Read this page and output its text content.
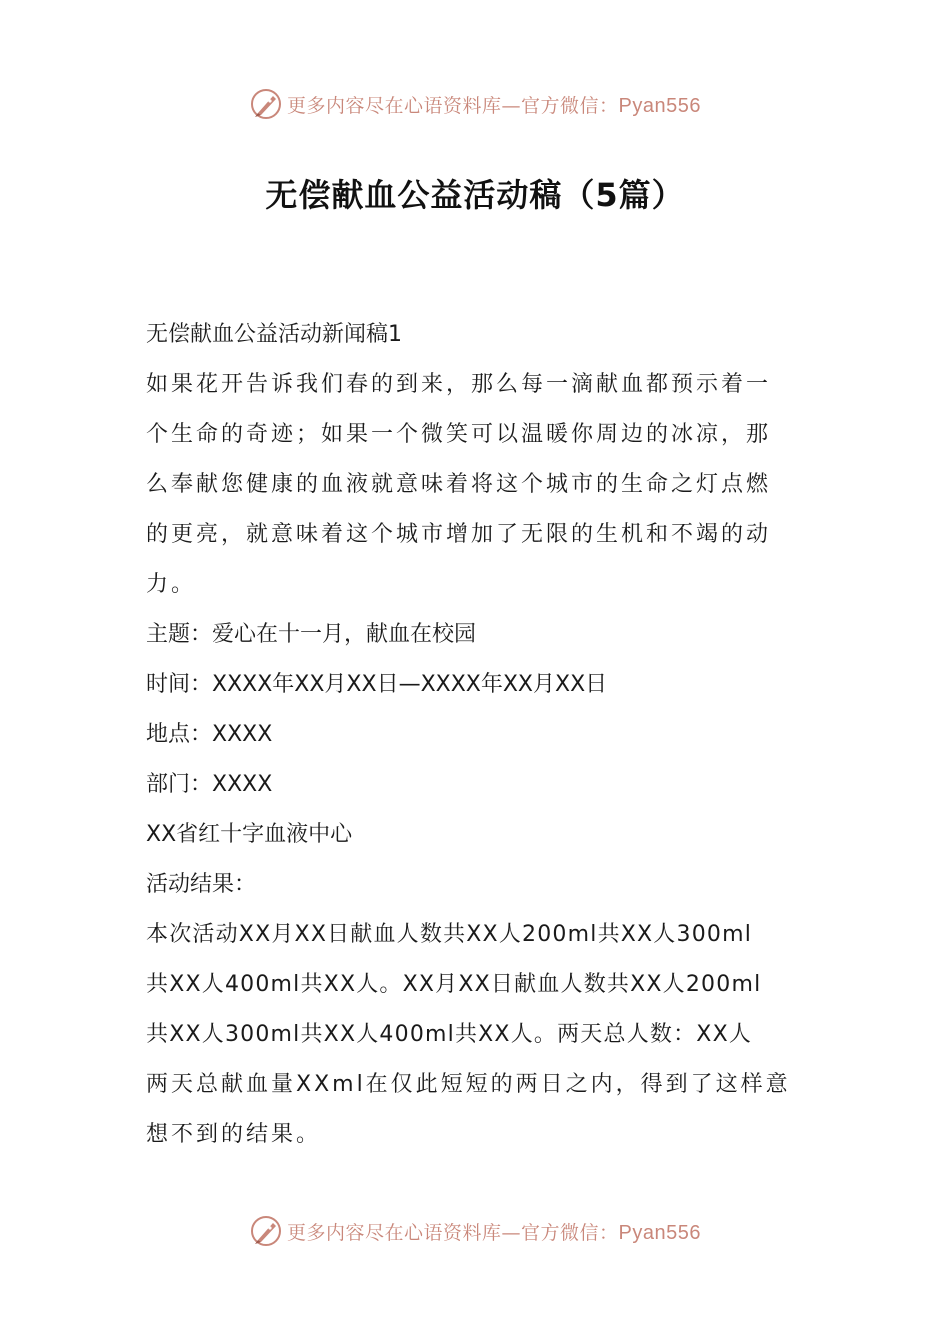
更多内容尽在心语资料库—官方微信：Pyan556
无偿献血公益活动稿（5篇）
无偿献血公益活动新闻稿1
如果花开告诉我们春的到来，那么每一滴献血都预示着一
个生命的奇迹；如果一个微笑可以温暖你周边的冰凉，那
么奉献您健康的血液就意味着将这个城市的生命之灯点燃
的更亮，就意味着这个城市增加了无限的生机和不竭的动
力。
主题：爱心在十一月，献血在校园
时间：XXXX年XX月XX日—XXXX年XX月XX日
地点：XXXX
部门：XXXX
XX省红十字血液中心
活动结果：
本次活动XX月XX日献血人数共XX人200ml共XX人300ml
共XX人400ml共XX人。XX月XX日献血人数共XX人200ml
共XX人300ml共XX人400ml共XX人。两天总人数：XX人
两天总献血量XXml在仅此短短的两日之内，得到了这样意
想不到的结果。
更多内容尽在心语资料库—官方微信：Pyan556
